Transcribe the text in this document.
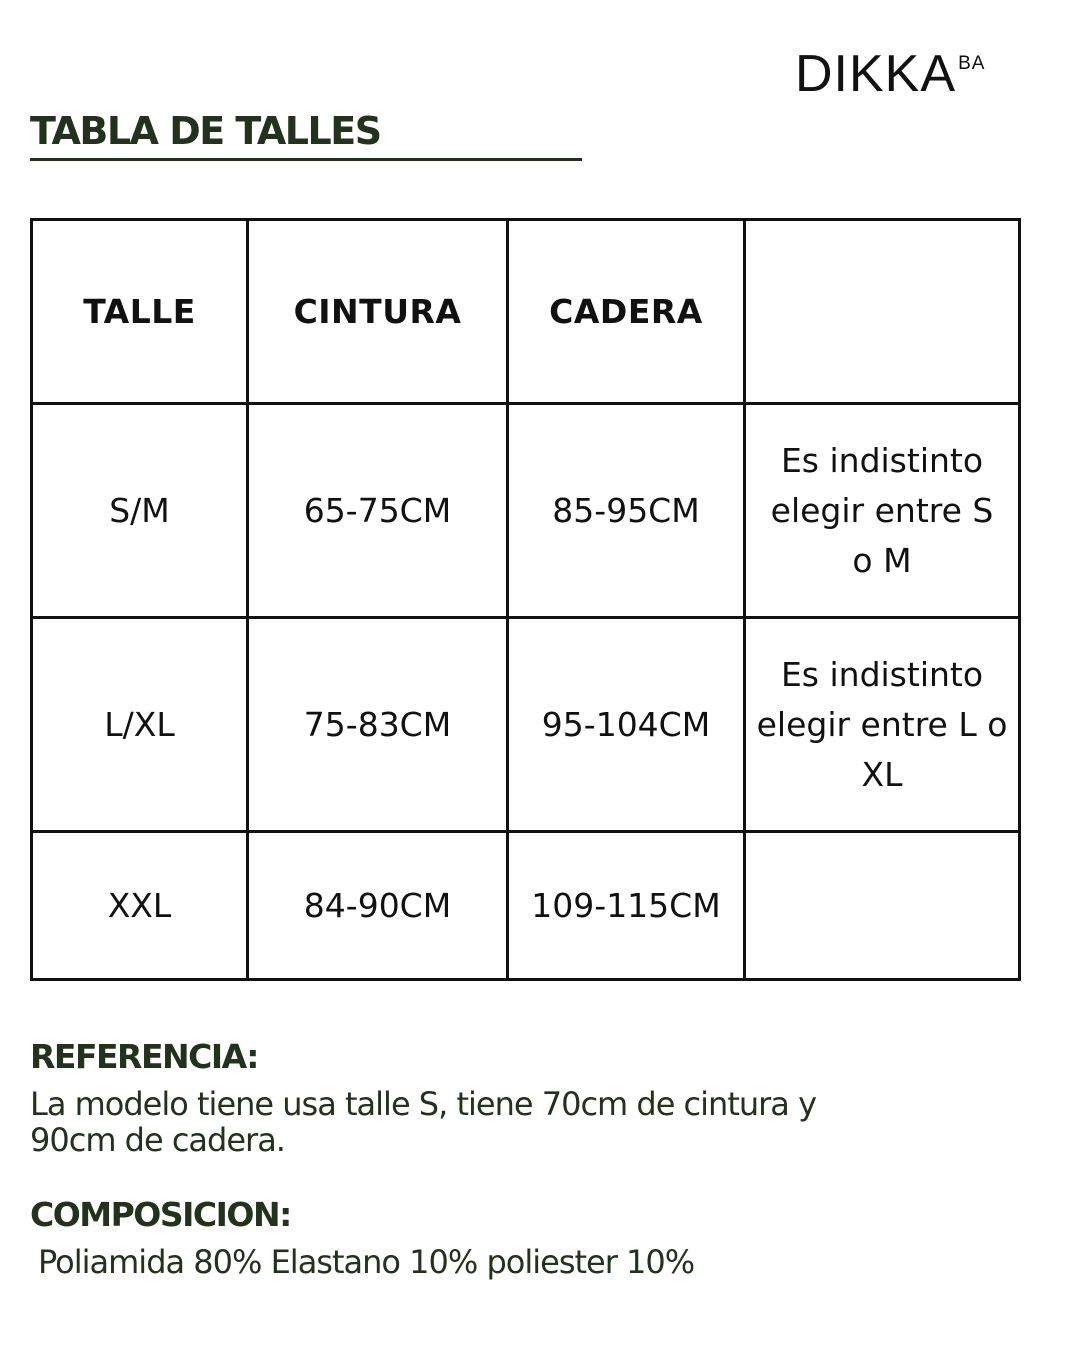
DIKKA $^{BA}$
TABLA DE TALLES
TALLE	CINTURA	CADERA	
S/M	65-75CM	85-95CM	Es indistinto elegir entre S o M
L/XL	75-83CM	95-104CM	Es indistinto elegir entre L o XL
XXL	84-90CM	109-115CM	
REFERENCIA:
La modelo tiene usa talle S, tiene 70cm de cintura y 90cm de cadera.
COMPOSICION:
Poliamida 80% Elastano 10% poliester 10%
